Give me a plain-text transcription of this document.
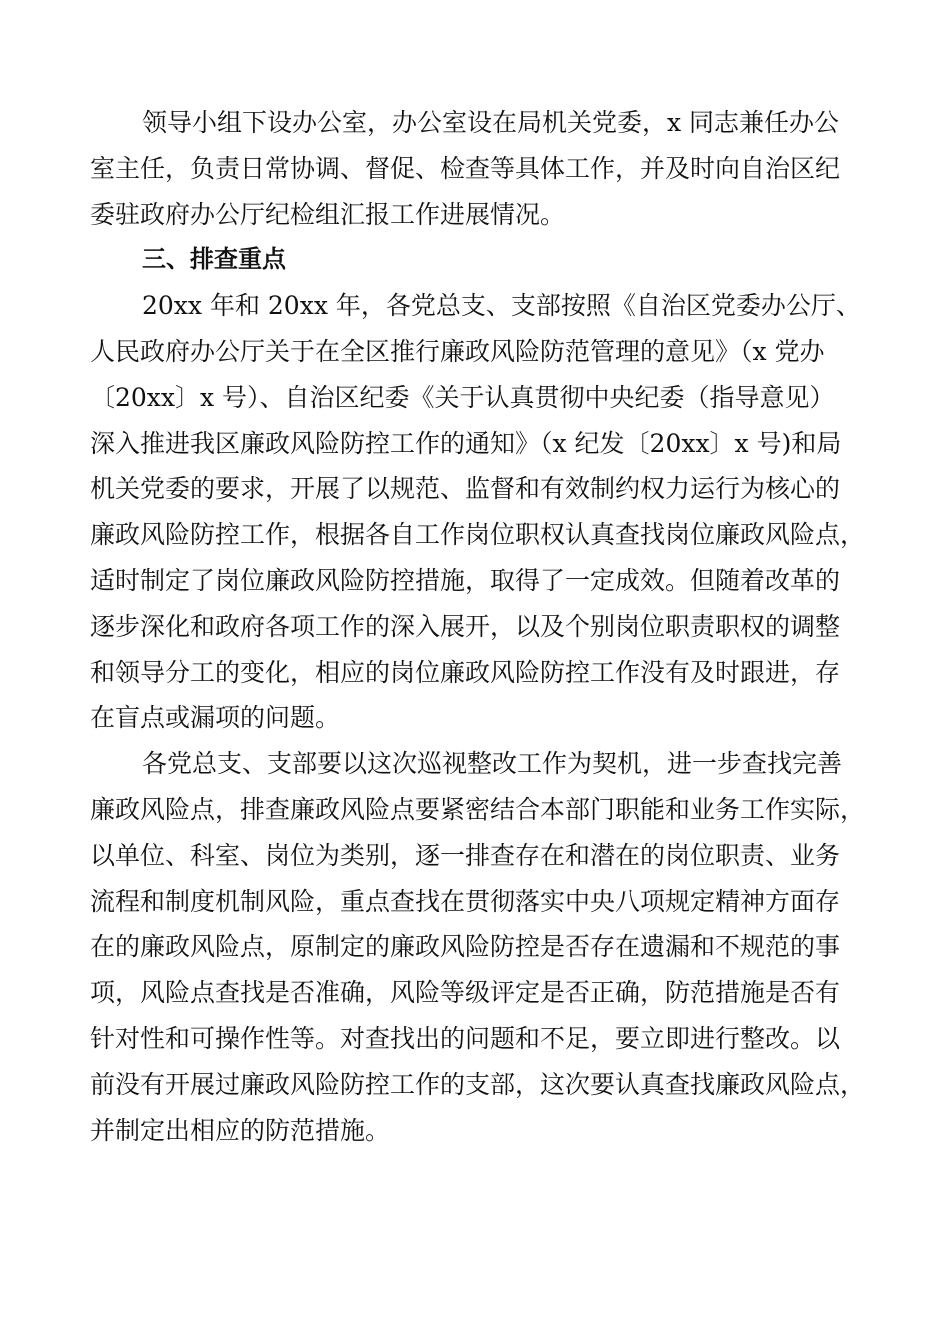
领导小组下设办公室，办公室设在局机关党委，x 同志兼任办公
室主任，负责日常协调、督促、检查等具体工作，并及时向自治区纪
委驻政府办公厅纪检组汇报工作进展情况。
三、排查重点
20xx 年和 20xx 年，各党总支、支部按照《自治区党委办公厅、
人民政府办公厅关于在全区推行廉政风险防范管理的意见》（x 党办
〔20xx〕x 号）、自治区纪委《关于认真贯彻中央纪委（指导意见）
深入推进我区廉政风险防控工作的通知》（x 纪发〔20xx〕x 号)和局
机关党委的要求，开展了以规范、监督和有效制约权力运行为核心的
廉政风险防控工作，根据各自工作岗位职权认真查找岗位廉政风险点，
适时制定了岗位廉政风险防控措施，取得了一定成效。但随着改革的
逐步深化和政府各项工作的深入展开，以及个别岗位职责职权的调整
和领导分工的变化，相应的岗位廉政风险防控工作没有及时跟进，存
在盲点或漏项的问题。
各党总支、支部要以这次巡视整改工作为契机，进一步查找完善
廉政风险点，排查廉政风险点要紧密结合本部门职能和业务工作实际，
以单位、科室、岗位为类别，逐一排查存在和潜在的岗位职责、业务
流程和制度机制风险，重点查找在贯彻落实中央八项规定精神方面存
在的廉政风险点，原制定的廉政风险防控是否存在遗漏和不规范的事
项，风险点查找是否准确，风险等级评定是否正确，防范措施是否有
针对性和可操作性等。对查找出的问题和不足，要立即进行整改。以
前没有开展过廉政风险防控工作的支部，这次要认真查找廉政风险点，
并制定出相应的防范措施。
